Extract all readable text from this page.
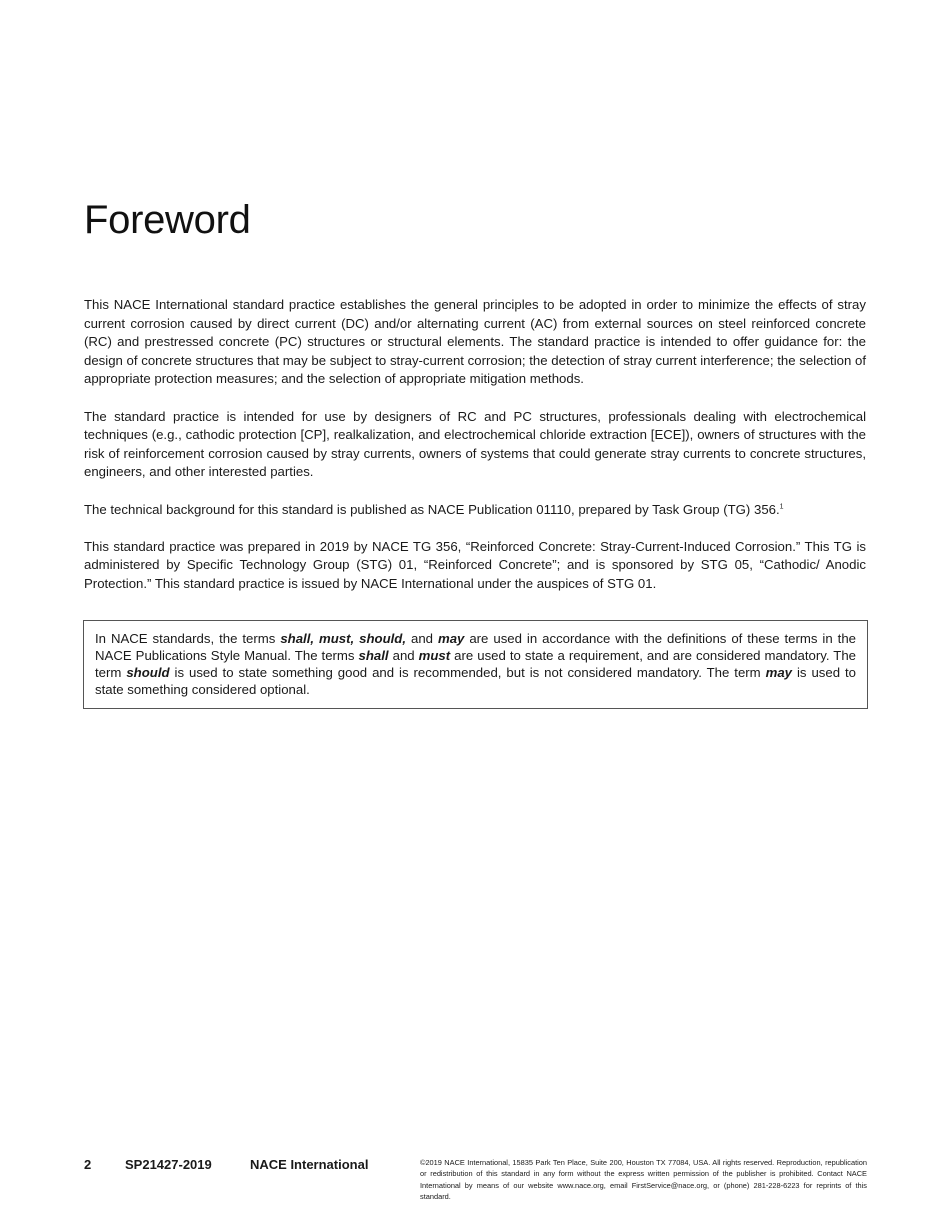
Foreword

This NACE International standard practice establishes the general principles to be adopted in order to minimize the effects of stray current corrosion caused by direct current (DC) and/or alternating current (AC) from external sources on steel reinforced concrete (RC) and prestressed concrete (PC) structures or structural elements. The standard practice is intended to offer guidance for: the design of concrete structures that may be subject to stray-current corrosion; the detection of stray current interference; the selection of appropriate protection measures; and the selection of appropriate mitigation methods.

The standard practice is intended for use by designers of RC and PC structures, professionals dealing with electrochemical techniques (e.g., cathodic protection [CP], realkalization, and electrochemical chloride extraction [ECE]), owners of structures with the risk of reinforcement corrosion caused by stray currents, owners of systems that could generate stray currents to concrete structures, engineers, and other interested parties.

The technical background for this standard is published as NACE Publication 01110, prepared by Task Group (TG) 356.$^1$

This standard practice was prepared in 2019 by NACE TG 356, “Reinforced Concrete: Stray-Current-Induced Corrosion.” This TG is administered by Specific Technology Group (STG) 01, “Reinforced Concrete”; and is sponsored by STG 05, “Cathodic/ Anodic Protection.” This standard practice is issued by NACE International under the auspices of STG 01.

In NACE standards, the terms shall, must, should, and may are used in accordance with the definitions of these terms in the NACE Publications Style Manual. The terms shall and must are used to state a requirement, and are considered mandatory. The term should is used to state something good and is recommended, but is not considered mandatory. The term may is used to state something considered optional.
2	SP21427-2019	NACE International	©2019 NACE International, 15835 Park Ten Place, Suite 200, Houston TX 77084, USA. All rights reserved. Reproduction, republication or redistribution of this standard in any form without the express written permission of the publisher is prohibited. Contact NACE International by means of our website www.nace.org, email FirstService@nace.org, or (phone) 281-228-6223 for reprints of this standard.
